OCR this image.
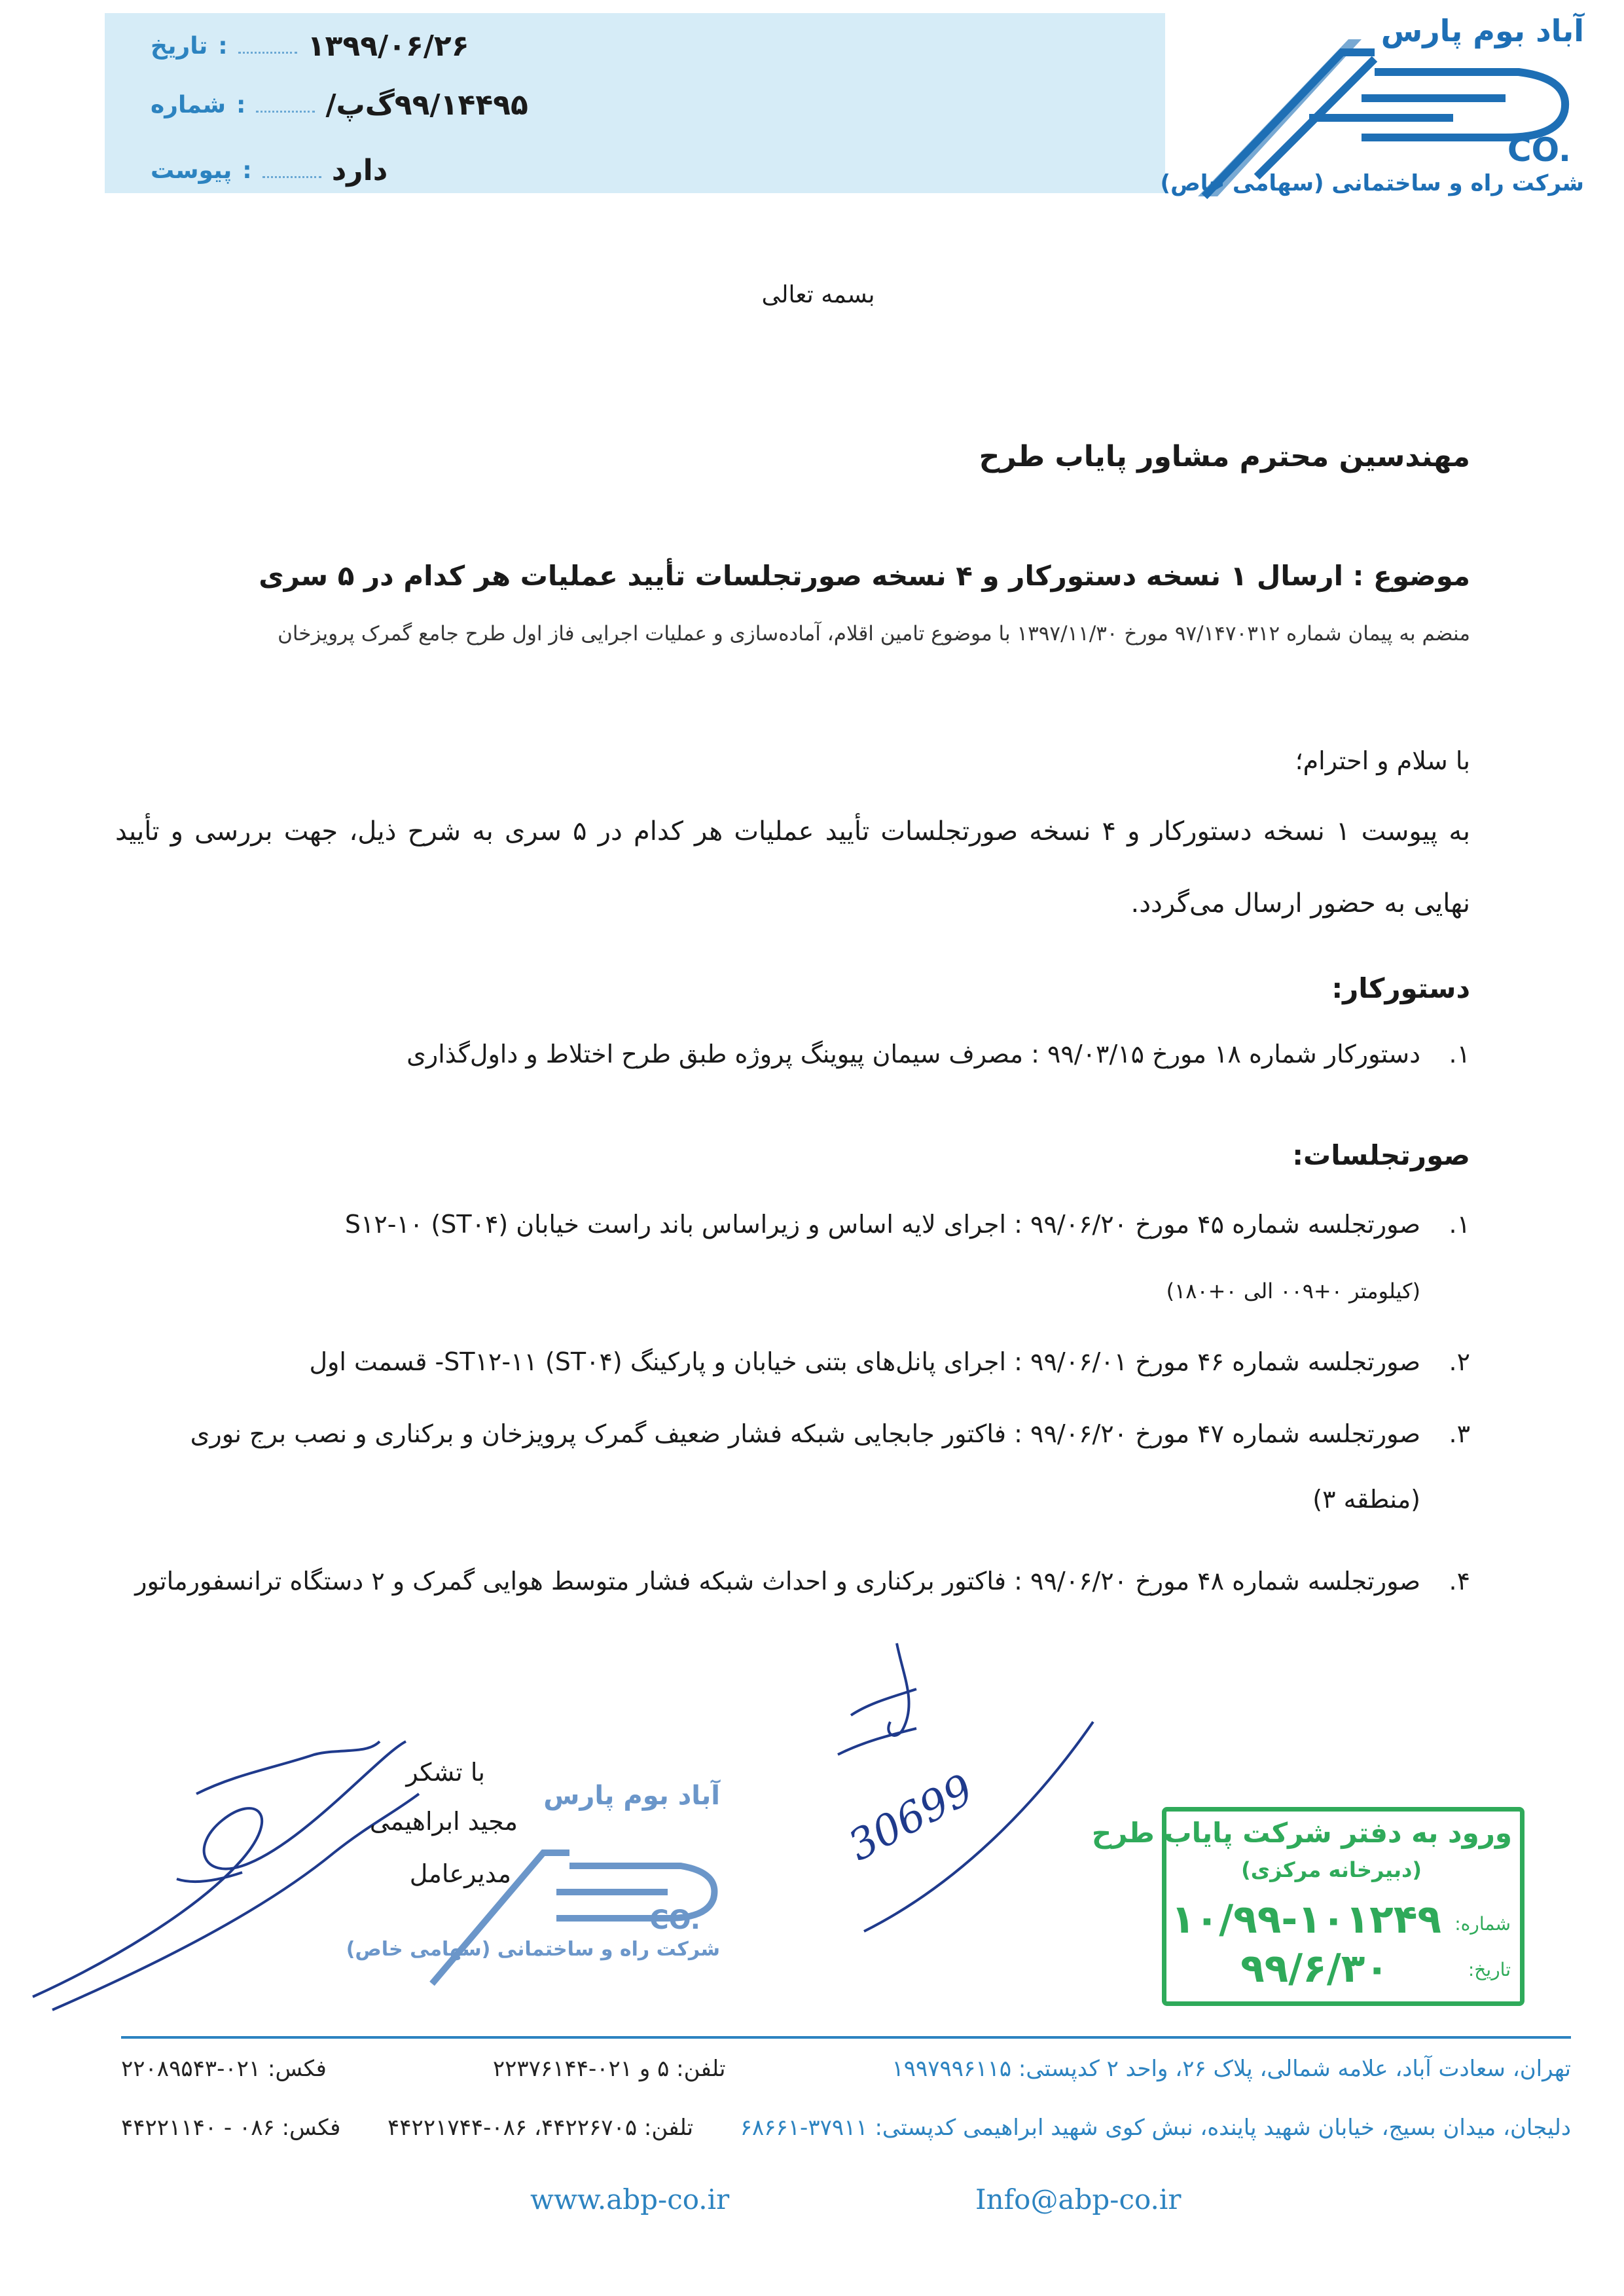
تاریخ :	۱۳۹۹/۰۶/۲۶
شماره :	۹۹/۱۴۴۹۵گ‌پ/
پیوست :	دارد
آباد بوم پارس
CO.
شرکت راه و ساختمانی (سهامی خاص)
بسمه تعالی
مهندسین محترم مشاور پایاب طرح
موضوع : ارسال ۱ نسخه دستورکار و ۴ نسخه صورتجلسات تأیید عملیات هر کدام در ۵ سری
منضم به پیمان شماره ۹۷/۱۴۷۰۳۱۲ مورخ ۱۳۹۷/۱۱/۳۰ با موضوع تامین اقلام، آماده‌سازی و عملیات اجرایی فاز اول طرح جامع گمرک پرویزخان
با سلام و احترام؛
به پیوست ۱ نسخه دستورکار و ۴ نسخه صورتجلسات تأیید عملیات هر کدام در ۵ سری به شرح ذیل، جهت بررسی و تأیید نهایی به حضور ارسال می‌گردد.
دستورکار:
۱.
دستورکار شماره ۱۸ مورخ ۹۹/۰۳/۱۵ : مصرف سیمان پیوینگ پروژه طبق طرح اختلاط و داول‌گذاری
صورتجلسات:
۱.
صورتجلسه شماره ۴۵ مورخ ۹۹/۰۶/۲۰ : اجرای لایه اساس و زیراساس باند راست خیابان (ST۰۴) S۱۲-۱۰
(کیلومتر ۰+۰۰۹ الی ۰+۱۸۰)
۲.
صورتجلسه شماره ۴۶ مورخ ۹۹/۰۶/۰۱ : اجرای پانل‌های بتنی خیابان و پارکینگ ST۱۲-۱۱ (ST۰۴)- قسمت اول
۳.
صورتجلسه شماره ۴۷ مورخ ۹۹/۰۶/۲۰ : فاکتور جابجایی شبکه فشار ضعیف گمرک پرویزخان و برکناری و نصب برج نوری (منطقه ۳)
۴.
صورتجلسه شماره ۴۸ مورخ ۹۹/۰۶/۲۰ : فاکتور برکناری و احداث شبکه فشار متوسط هوایی گمرک و ۲ دستگاه ترانسفورماتور
با تشکر
مجید ابراهیمی
مدیرعامل
آباد بوم پارس
CO.
شرکت راه و ساختمانی (سهامی خاص)
30699	ورود به دفتر شرکت پایاب طرح
(دبیرخانه مرکزی)
شماره:
۱۰/۹۹-۱۰۱۲۴۹
تاریخ:
۹۹/۶/۳۰
تهران، سعادت آباد، علامه شمالی، پلاک ۲۶، واحد ۲ کدپستی: ۱۹۹۷۹۹۶۱۱۵
تلفن: ۵ و ۰۲۱-۲۲۳۷۶۱۴۴
فکس: ۰۲۱-۲۲۰۸۹۵۴۳
دلیجان، میدان بسیج، خیابان شهید پاینده، نبش کوی شهید ابراهیمی کدپستی: ۳۷۹۱۱-۶۸۶۶۱
تلفن: ۴۴۲۲۶۷۰۵، ۰۸۶-۴۴۲۲۱۷۴۴
فکس: ۰۸۶ - ۴۴۲۲۱۱۴۰
www.abp-co.ir	Info@abp-co.ir
